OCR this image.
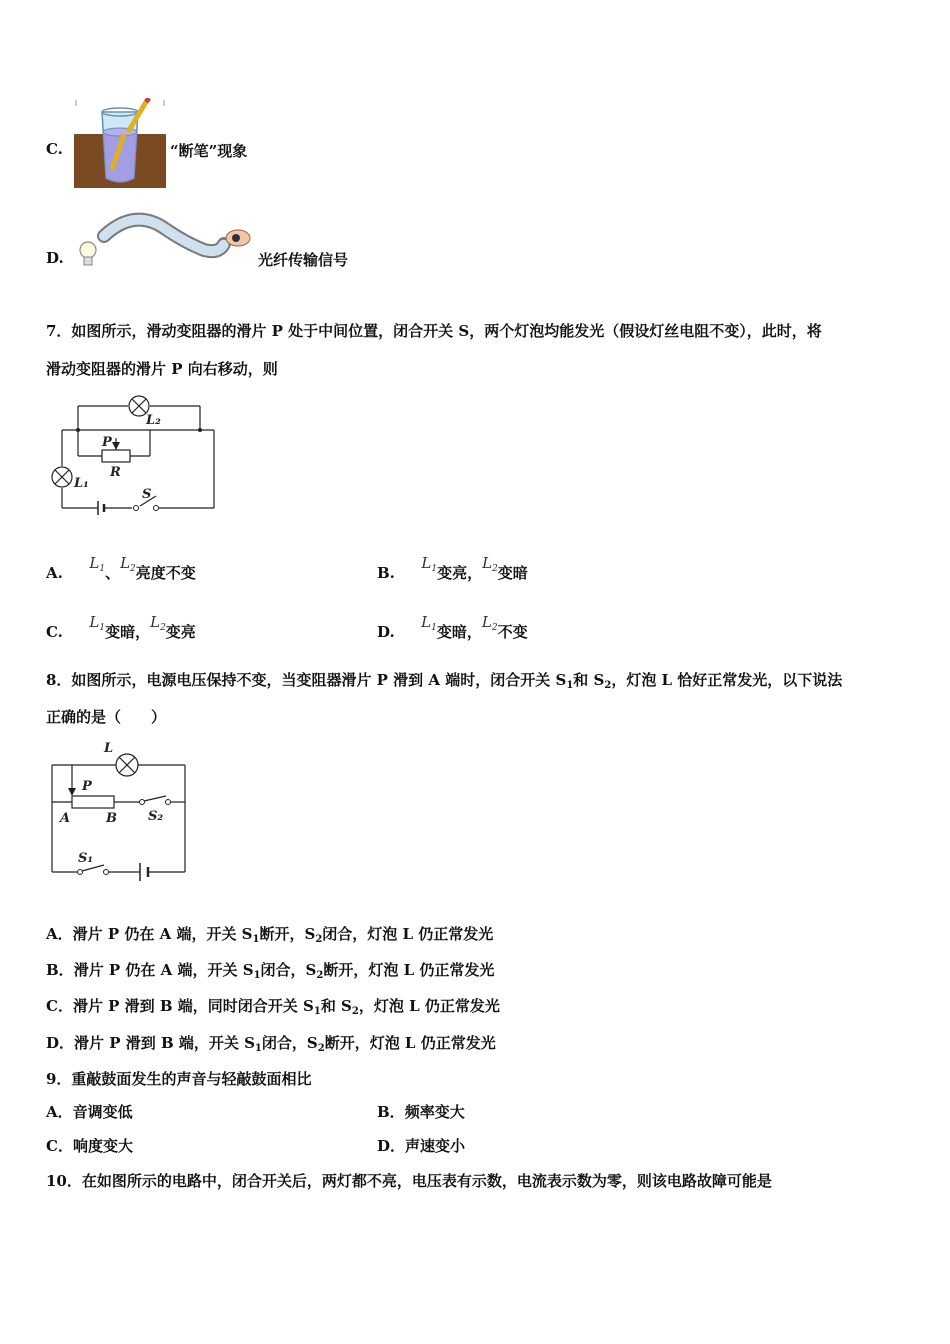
C.	“断笔”现象
D.	光纤传输信号
7．如图所示，滑动变阻器的滑片 P 处于中间位置，闭合开关 S，两个灯泡均能发光（假设灯丝电阻不变），此时，将
滑动变阻器的滑片 P 向右移动，则
L₂
P
R
L₁
S
A.  $L_1$、$L_2$亮度不变	B.  $L_1$变亮，$L_2$变暗
C.  $L_1$变暗，$L_2$变亮	D.  $L_1$变暗，$L_2$不变
8．如图所示，电源电压保持不变，当变阻器滑片 P 滑到 A 端时，闭合开关 $S_1$和 $S_2$，灯泡 L 恰好正常发光，以下说法
正确的是（　　）
L
P
A	B S₂
S₁
A．滑片 P 仍在 A 端，开关 $S_1$断开，$S_2$闭合，灯泡 L 仍正常发光
B．滑片 P 仍在 A 端，开关 $S_1$闭合，$S_2$断开，灯泡 L 仍正常发光
C．滑片 P 滑到 B 端，同时闭合开关 $S_1$和 $S_2$，灯泡 L 仍正常发光
D．滑片 P 滑到 B 端，开关 $S_1$闭合，$S_2$断开，灯泡 L 仍正常发光
9．重敲鼓面发生的声音与轻敲鼓面相比
A．音调变低	B．频率变大
C．响度变大	D．声速变小
10．在如图所示的电路中，闭合开关后，两灯都不亮，电压表有示数，电流表示数为零，则该电路故障可能是
